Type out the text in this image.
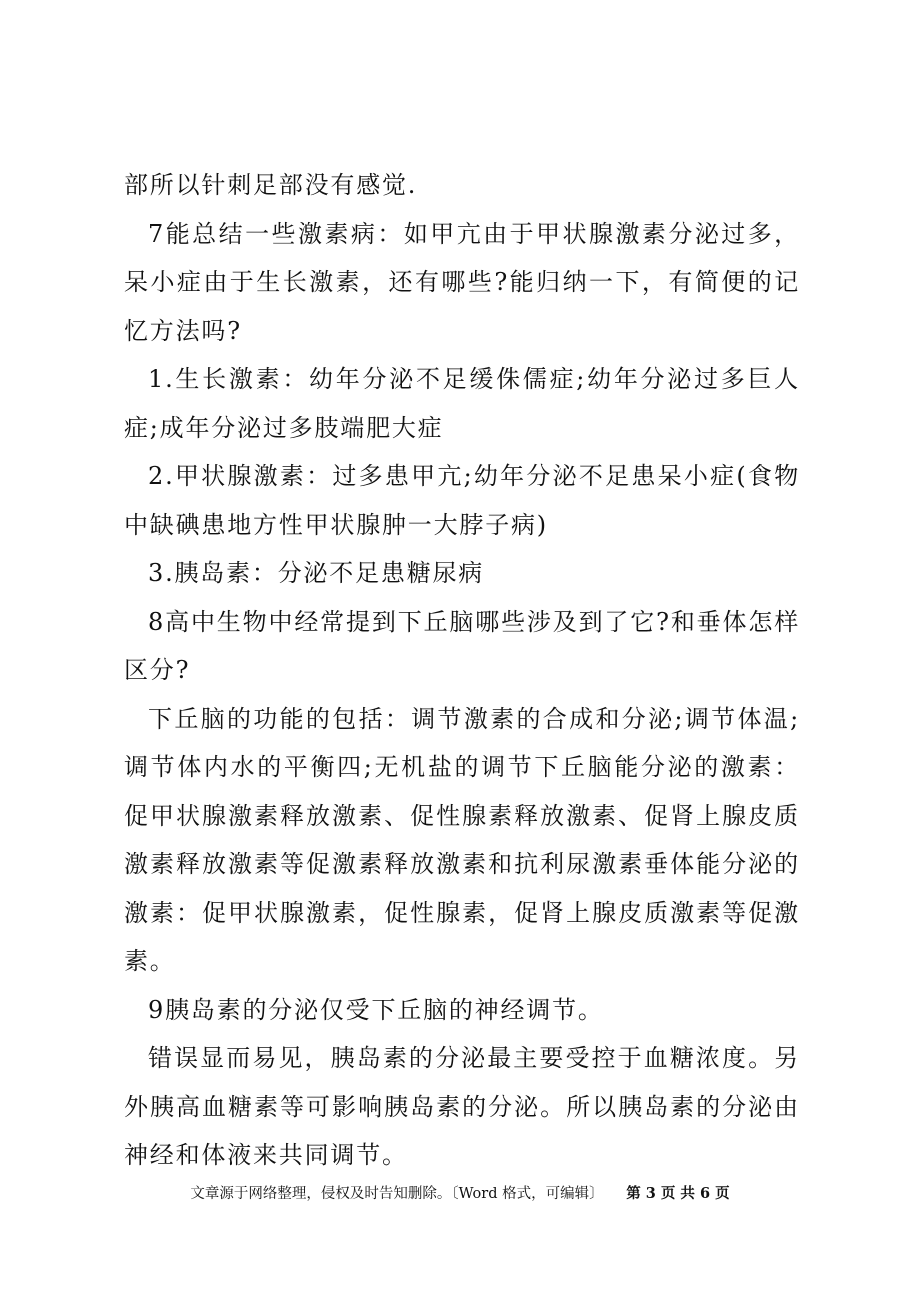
部所以针刺足部没有感觉.

7能总结一些激素病：如甲亢由于甲状腺激素分泌过多，呆小症由于生长激素，还有哪些?能归纳一下，有简便的记忆方法吗?

1.生长激素：幼年分泌不足缓侏儒症;幼年分泌过多巨人症;成年分泌过多肢端肥大症

2.甲状腺激素：过多患甲亢;幼年分泌不足患呆小症(食物中缺碘患地方性甲状腺肿一大脖子病)

3.胰岛素：分泌不足患糖尿病

8高中生物中经常提到下丘脑哪些涉及到了它?和垂体怎样区分?

下丘脑的功能的包括：调节激素的合成和分泌;调节体温;调节体内水的平衡四;无机盐的调节下丘脑能分泌的激素：促甲状腺激素释放激素、促性腺素释放激素、促肾上腺皮质激素释放激素等促激素释放激素和抗利尿激素垂体能分泌的激素：促甲状腺激素，促性腺素，促肾上腺皮质激素等促激素。

9胰岛素的分泌仅受下丘脑的神经调节。

错误显而易见，胰岛素的分泌最主要受控于血糖浓度。另外胰高血糖素等可影响胰岛素的分泌。所以胰岛素的分泌由神经和体液来共同调节。

文章源于网络整理，侵权及时告知删除。〔Word 格式，可编辑〕 第 3 页 共 6 页
